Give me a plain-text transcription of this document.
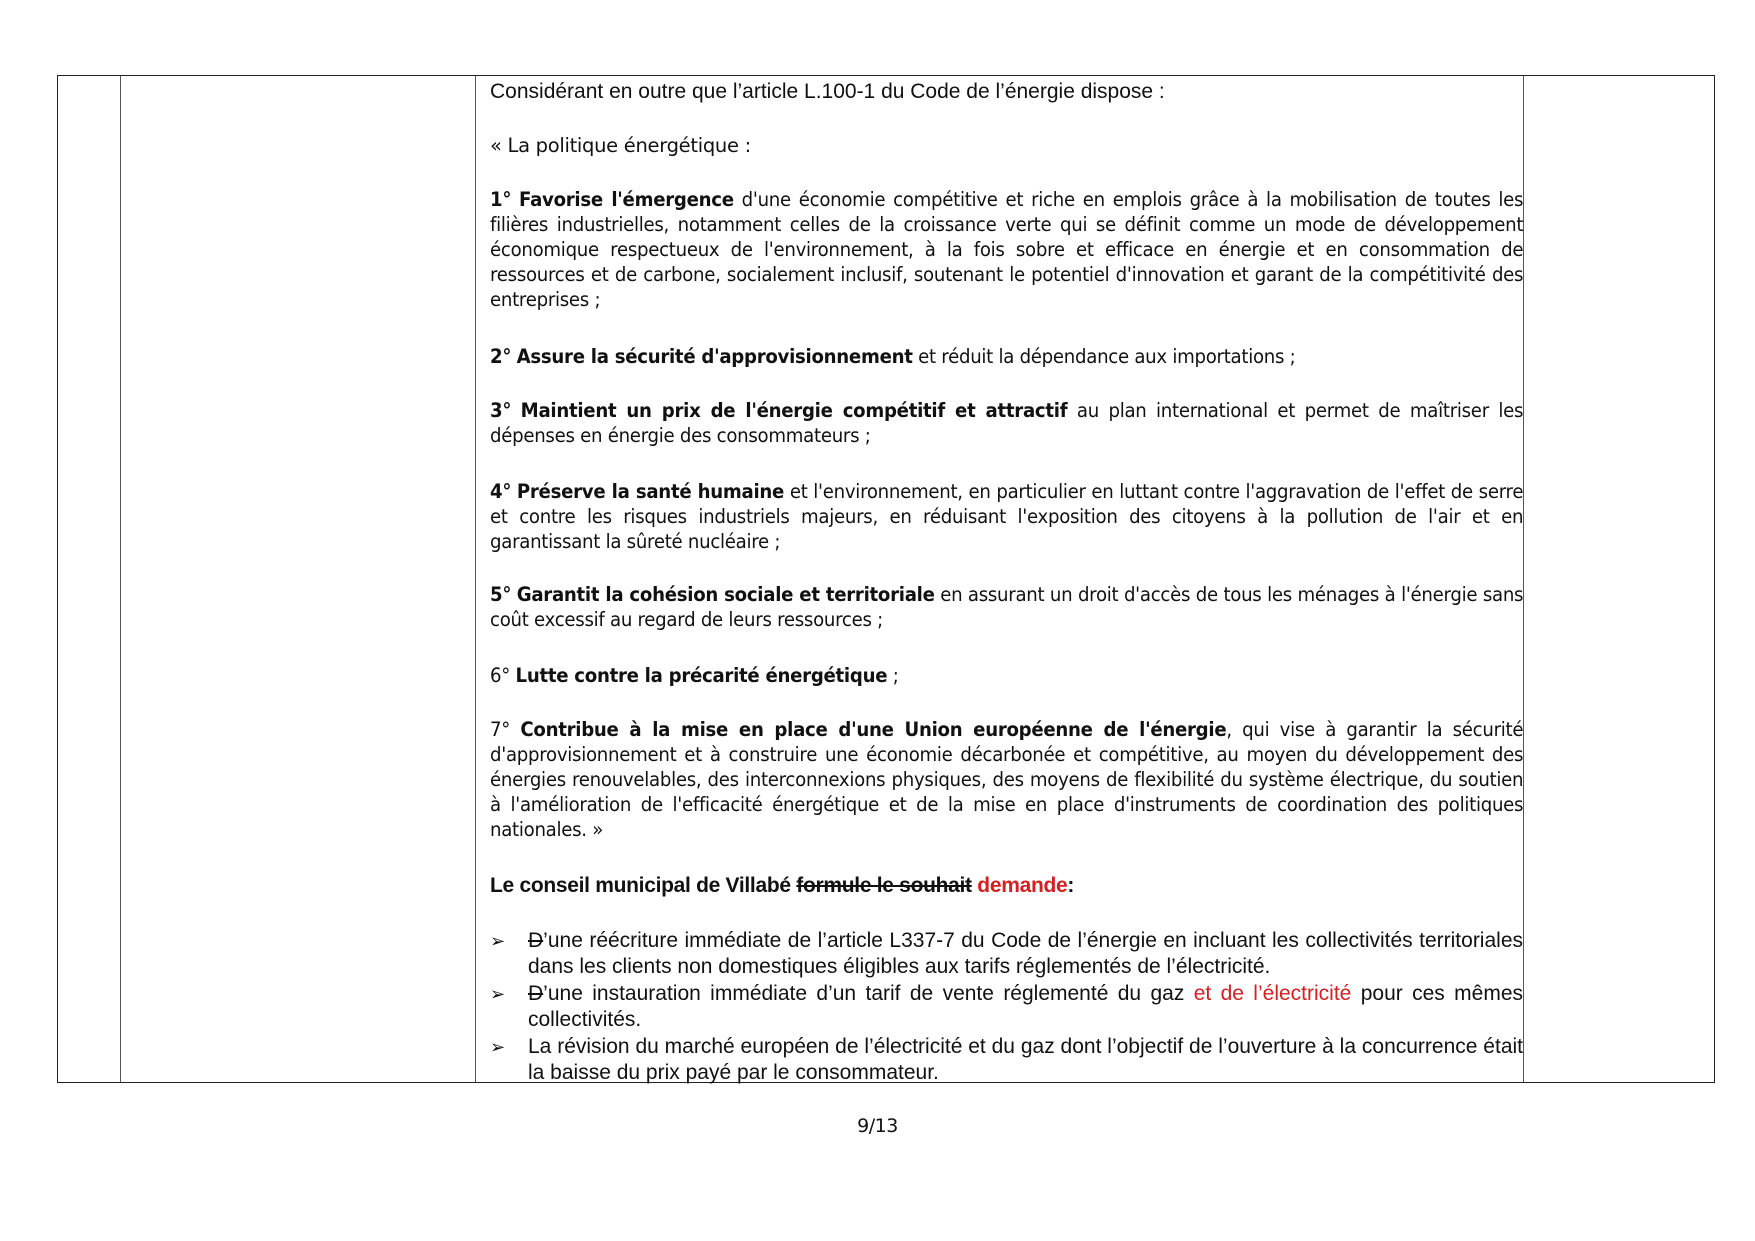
Considérant en outre que l’article L.100-1 du Code de l’énergie dispose :
« La politique énergétique :
1° Favorise l'émergence d'une économie compétitive et riche en emplois grâce à la mobilisation de toutes les filières industrielles, notamment celles de la croissance verte qui se définit comme un mode de développement économique respectueux de l'environnement, à la fois sobre et efficace en énergie et en consommation de ressources et de carbone, socialement inclusif, soutenant le potentiel d'innovation et garant de la compétitivité des entreprises ;
2° Assure la sécurité d'approvisionnement et réduit la dépendance aux importations ;
3° Maintient un prix de l'énergie compétitif et attractif au plan international et permet de maîtriser les dépenses en énergie des consommateurs ;
4° Préserve la santé humaine et l'environnement, en particulier en luttant contre l'aggravation de l'effet de serre et contre les risques industriels majeurs, en réduisant l'exposition des citoyens à la pollution de l'air et en garantissant la sûreté nucléaire ;
5° Garantit la cohésion sociale et territoriale en assurant un droit d'accès de tous les ménages à l'énergie sans coût excessif au regard de leurs ressources ;
6° Lutte contre la précarité énergétique ;
7° Contribue à la mise en place d'une Union européenne de l'énergie, qui vise à garantir la sécurité d'approvisionnement et à construire une économie décarbonée et compétitive, au moyen du développement des énergies renouvelables, des interconnexions physiques, des moyens de flexibilité du système électrique, du soutien à l'amélioration de l'efficacité énergétique et de la mise en place d'instruments de coordination des politiques nationales. »
Le conseil municipal de Villabé formule le souhait demande:
➢ D’une réécriture immédiate de l’article L337-7 du Code de l’énergie en incluant les collectivités territoriales dans les clients non domestiques éligibles aux tarifs réglementés de l’électricité.
➢ D’une instauration immédiate d’un tarif de vente réglementé du gaz et de l’électricité pour ces mêmes collectivités.
➢ La révision du marché européen de l’électricité et du gaz dont l’objectif de l’ouverture à la concurrence était la baisse du prix payé par le consommateur.
9/13
